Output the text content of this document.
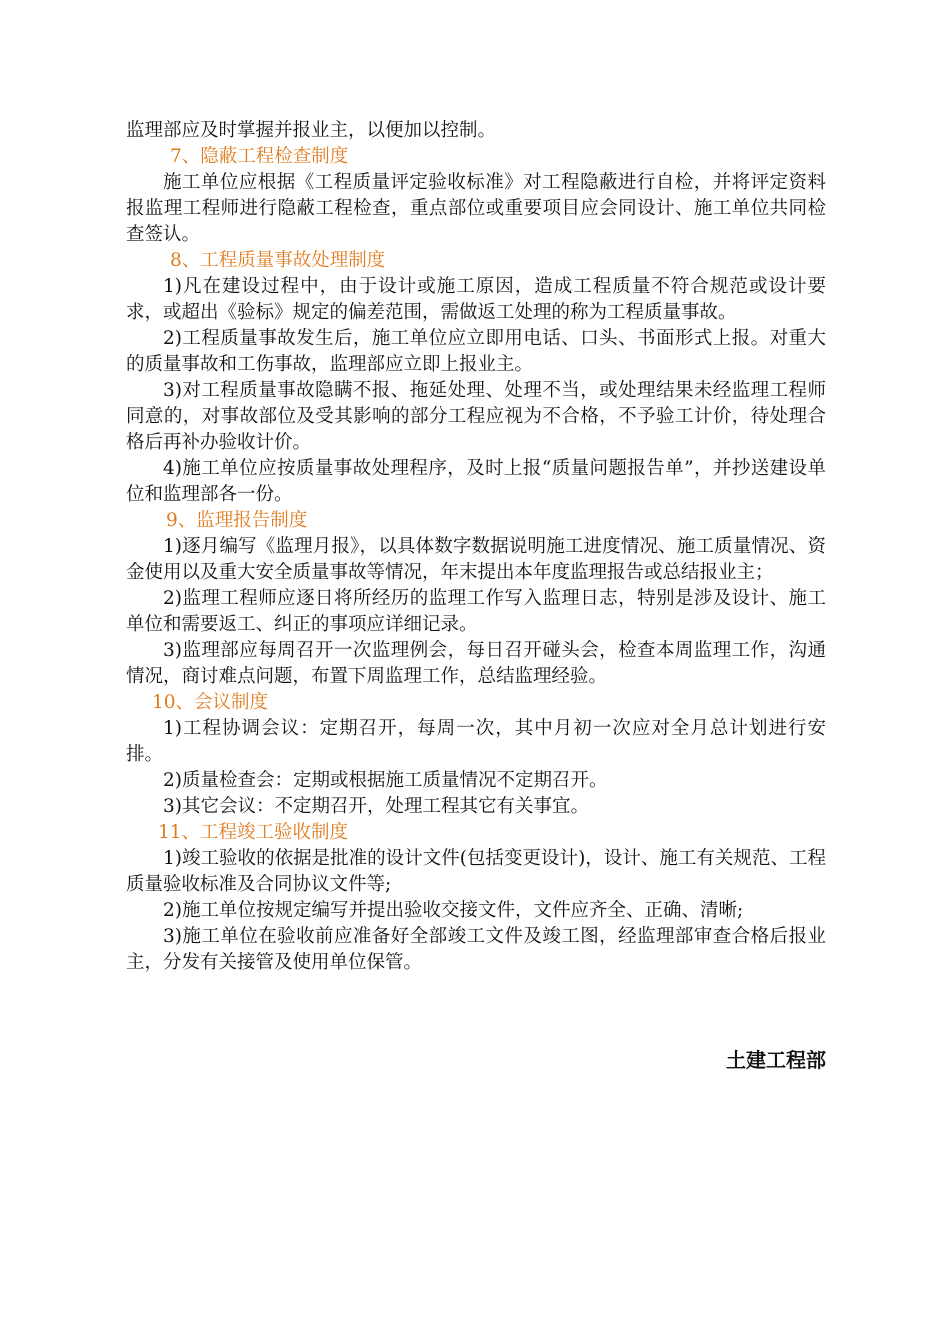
监理部应及时掌握并报业主，以便加以控制。

7、隐蔽工程检查制度

施工单位应根据《工程质量评定验收标准》对工程隐蔽进行自检，并将评定资料报监理工程师进行隐蔽工程检查，重点部位或重要项目应会同设计、施工单位共同检查签认。

8、工程质量事故处理制度

1)凡在建设过程中，由于设计或施工原因，造成工程质量不符合规范或设计要求，或超出《验标》规定的偏差范围，需做返工处理的称为工程质量事故。

2)工程质量事故发生后，施工单位应立即用电话、口头、书面形式上报。对重大的质量事故和工伤事故，监理部应立即上报业主。

3)对工程质量事故隐瞒不报、拖延处理、处理不当，或处理结果未经监理工程师同意的，对事故部位及受其影响的部分工程应视为不合格，不予验工计价，待处理合格后再补办验收计价。

4)施工单位应按质量事故处理程序，及时上报“质量问题报告单”，并抄送建设单位和监理部各一份。

9、监理报告制度

1)逐月编写《监理月报》，以具体数字数据说明施工进度情况、施工质量情况、资金使用以及重大安全质量事故等情况，年末提出本年度监理报告或总结报业主；

2)监理工程师应逐日将所经历的监理工作写入监理日志，特别是涉及设计、施工单位和需要返工、纠正的事项应详细记录。

3)监理部应每周召开一次监理例会，每日召开碰头会，检查本周监理工作，沟通情况，商讨难点问题，布置下周监理工作，总结监理经验。

10、会议制度

1)工程协调会议：定期召开，每周一次，其中月初一次应对全月总计划进行安排。

2)质量检查会：定期或根据施工质量情况不定期召开。

3)其它会议：不定期召开，处理工程其它有关事宜。

11、工程竣工验收制度

1)竣工验收的依据是批准的设计文件(包括变更设计)，设计、施工有关规范、工程质量验收标准及合同协议文件等;

2)施工单位按规定编写并提出验收交接文件，文件应齐全、正确、清晰;

3)施工单位在验收前应准备好全部竣工文件及竣工图，经监理部审查合格后报业主，分发有关接管及使用单位保管。

土建工程部
